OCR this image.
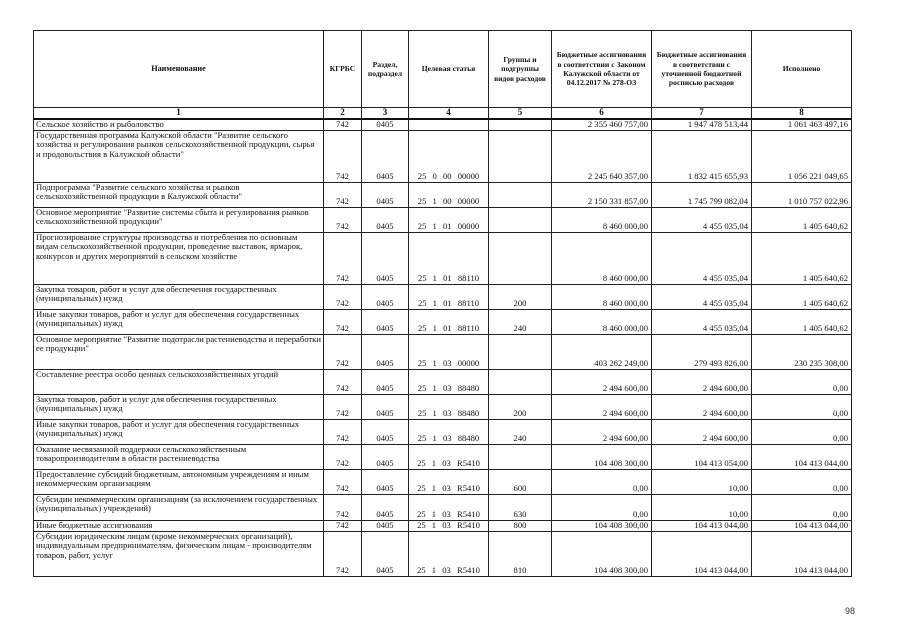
Наименование	КГРБС	Раздел, подраздел	Целевая статья	Группы и подгруппы видов расходов	Бюджетные ассигнования в соответствии с Законом Калужской области от 04.12.2017 № 278-ОЗ	Бюджетные ассигнования в соответствии с уточненной бюджетной росписью расходов	Исполнено
1	2	3	4	5	6	7	8
Сельское хозяйство и рыболовство	742	0405			2 355 460 757,00	1 947 478 513,44	1 061 463 497,16
Государственная программа Калужской области "Развитие сельского хозяйства и регулирования рынков сельскохозяйственной продукции, сырья и продовольствия в Калужской области"	742	0405	25 0 00 00000		2 245 640 357,00	1 832 415 655,93	1 056 221 049,65
Подпрограмма "Развитие сельского хозяйства и рынков сельскохозяйственной продукции в Калужской области"	742	0405	25 1 00 00000		2 150 331 857,00	1 745 799 082,04	1 010 757 022,96
Основное мероприятие "Развитие системы сбыта и регулирования рынков сельскохозяйственной продукции"	742	0405	25 1 01 00000		8 460 000,00	4 455 035,04	1 405 640,62
Прогнозирование структуры производства и потребления по основным видам сельскохозяйственной продукции, проведение выставок, ярмарок, конкурсов и других мероприятий в сельском хозяйстве	742	0405	25 1 01 88110		8 460 000,00	4 455 035,04	1 405 640,62
Закупка товаров, работ и услуг для обеспечения государственных (муниципальных) нужд	742	0405	25 1 01 88110	200	8 460 000,00	4 455 035,04	1 405 640,62
Иные закупки товаров, работ и услуг для обеспечения государственных (муниципальных) нужд	742	0405	25 1 01 88110	240	8 460 000,00	4 455 035,04	1 405 640,62
Основное мероприятие "Развитие подотрасли растениеводства и переработки ее продукции"	742	0405	25 1 03 00000		403 262 249,00	279 493 826,00	230 235 308,00
Составление реестра особо ценных сельскохозяйственных угодий	742	0405	25 1 03 88480		2 494 600,00	2 494 600,00	0,00
Закупка товаров, работ и услуг для обеспечения государственных (муниципальных) нужд	742	0405	25 1 03 88480	200	2 494 600,00	2 494 600,00	0,00
Иные закупки товаров, работ и услуг для обеспечения государственных (муниципальных) нужд	742	0405	25 1 03 88480	240	2 494 600,00	2 494 600,00	0,00
Оказание несвязанной поддержки сельскохозяйственным товаропроизводителям в области растениеводства	742	0405	25 1 03 R5410		104 408 300,00	104 413 054,00	104 413 044,00
Предоставление субсидий бюджетным, автономным учреждениям и иным некоммерческим организациям	742	0405	25 1 03 R5410	600	0,00	10,00	0,00
Субсидии некоммерческим организациям (за исключением государственных (муниципальных) учреждений)	742	0405	25 1 03 R5410	630	0,00	10,00	0,00
Иные бюджетные ассигнования	742	0405	25 1 03 R5410	800	104 408 300,00	104 413 044,00	104 413 044,00
Субсидии юридическим лицам (кроме некоммерческих организаций), индивидуальным предпринимателям, физическим лицам - производителям товаров, работ, услуг	742	0405	25 1 03 R5410	810	104 408 300,00	104 413 044,00	104 413 044,00
98
